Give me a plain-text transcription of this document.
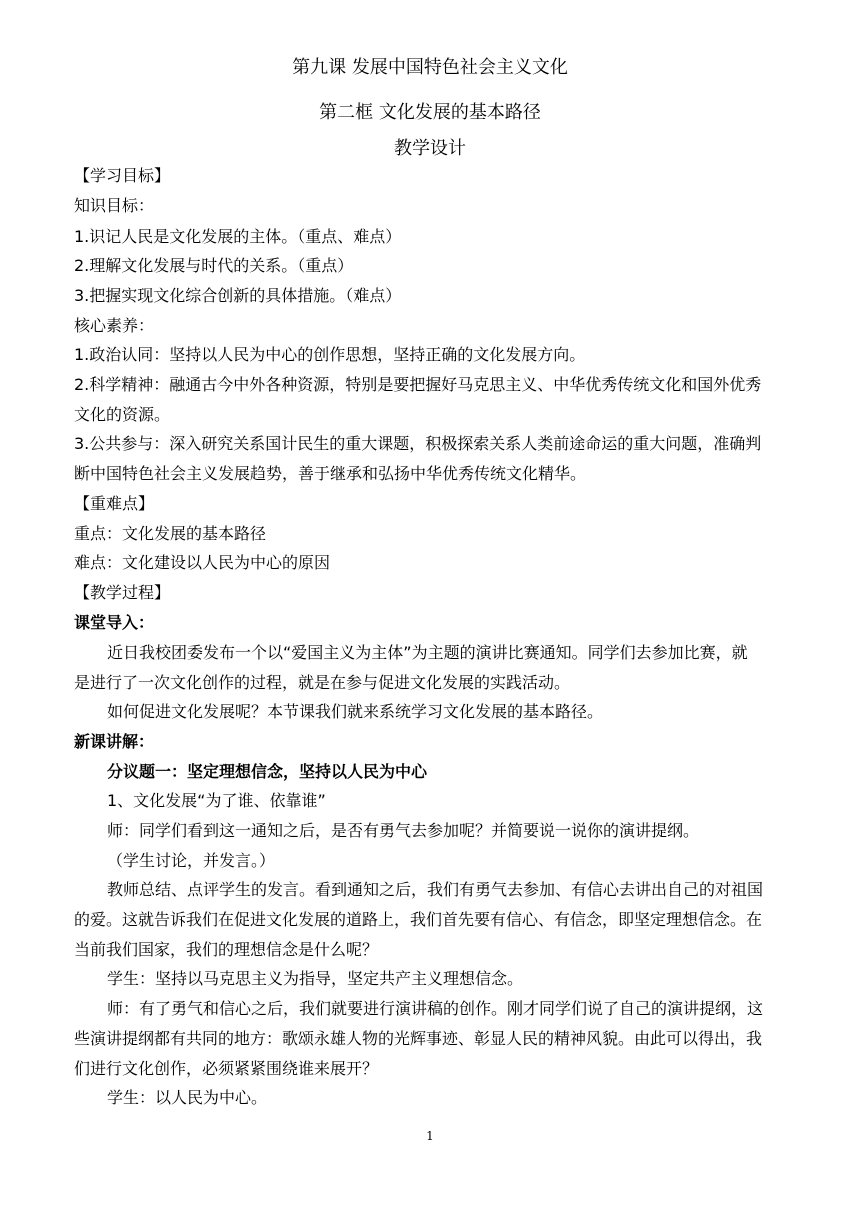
第九课 发展中国特色社会主义文化
第二框 文化发展的基本路径
教学设计
【学习目标】
知识目标：
1.识记人民是文化发展的主体。（重点、难点）
2.理解文化发展与时代的关系。（重点）
3.把握实现文化综合创新的具体措施。（难点）
核心素养：
1.政治认同：坚持以人民为中心的创作思想，坚持正确的文化发展方向。
2.科学精神：融通古今中外各种资源，特别是要把握好马克思主义、中华优秀传统文化和国外优秀
文化的资源。
3.公共参与：深入研究关系国计民生的重大课题，积极探索关系人类前途命运的重大问题，准确判
断中国特色社会主义发展趋势，善于继承和弘扬中华优秀传统文化精华。
【重难点】
重点：文化发展的基本路径
难点：文化建设以人民为中心的原因
【教学过程】
课堂导入：
近日我校团委发布一个以“爱国主义为主体”为主题的演讲比赛通知。同学们去参加比赛，就
是进行了一次文化创作的过程，就是在参与促进文化发展的实践活动。
如何促进文化发展呢？本节课我们就来系统学习文化发展的基本路径。
新课讲解：
分议题一：坚定理想信念，坚持以人民为中心
1、文化发展“为了谁、依靠谁”
师：同学们看到这一通知之后，是否有勇气去参加呢？并简要说一说你的演讲提纲。
（学生讨论，并发言。）
教师总结、点评学生的发言。看到通知之后，我们有勇气去参加、有信心去讲出自己的对祖国
的爱。这就告诉我们在促进文化发展的道路上，我们首先要有信心、有信念，即坚定理想信念。在
当前我们国家，我们的理想信念是什么呢？
学生：坚持以马克思主义为指导，坚定共产主义理想信念。
师：有了勇气和信心之后，我们就要进行演讲稿的创作。刚才同学们说了自己的演讲提纲，这
些演讲提纲都有共同的地方：歌颂永雄人物的光辉事迹、彰显人民的精神风貌。由此可以得出，我
们进行文化创作，必须紧紧围绕谁来展开？
1
学生：以人民为中心。
